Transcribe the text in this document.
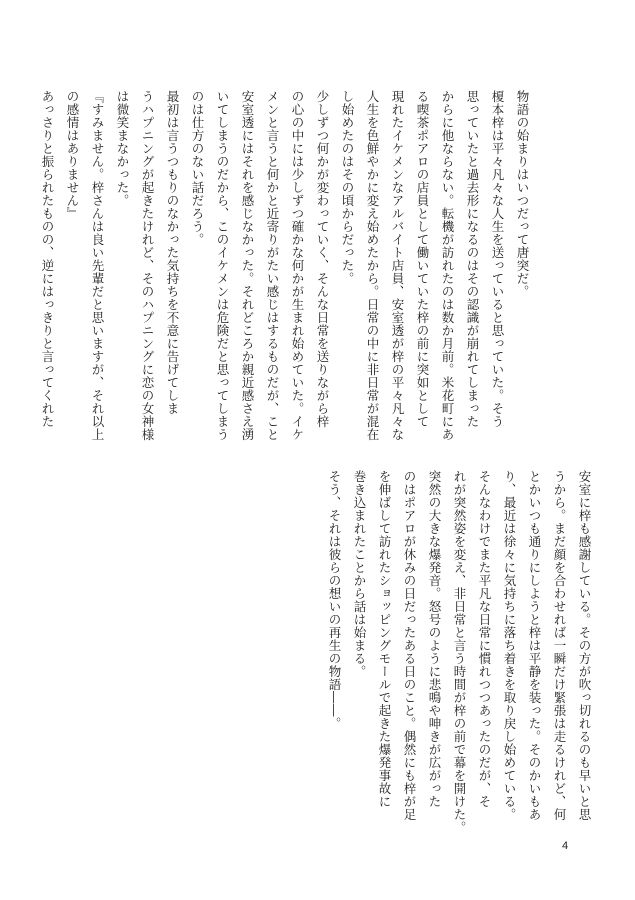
物語の始まりはいつだって唐突だ。

榎本梓は平々凡々な人生を送っていると思っていた。そう

思っていたと過去形になるのはその認識が崩れてしまった

からに他ならない。転機が訪れたのは数か月前。米花町にあ

る喫茶ポアロの店員として働いていた梓の前に突如として

現れたイケメンなアルバイト店員、安室透が梓の平々凡々な

人生を色鮮やかに変え始めたから。日常の中に非日常が混在

し始めたのはその頃からだった。

少しずつ何かが変わっていく、そんな日常を送りながら梓

の心の中には少しずつ確かな何かが生まれ始めていた。イケ

メンと言うと何かと近寄りがたい感じはするものだが、こと

安室透にはそれを感じなかった。それどころか親近感さえ湧

いてしまうのだから、このイケメンは危険だと思ってしまう

のは仕方のない話だろう。

最初は言うつもりのなかった気持ちを不意に告げてしま

うハプニングが起きたけれど、そのハプニングに恋の女神様

は微笑まなかった。

『すみません。梓さんは良い先輩だと思いますが、それ以上

の感情はありません』

あっさりと振られたものの、逆にはっきりと言ってくれた

安室に梓も感謝している。その方が吹っ切れるのも早いと思

うから。まだ顔を合わせれば一瞬だけ緊張は走るけれど、何

とかいつも通りにしようと梓は平静を装った。そのかいもあ

り、最近は徐々に気持ちに落ち着きを取り戻し始めている。

そんなわけでまた平凡な日常に慣れつつあったのだが、そ

れが突然姿を変え、非日常と言う時間が梓の前で幕を開けた。

突然の大きな爆発音。怒号のように悲鳴や呻きが広がった

のはポアロが休みの日だったある日のこと。偶然にも梓が足

を伸ばして訪れたショッピングモールで起きた爆発事故に

巻き込まれたことから話は始まる。

そう、それは彼らの想いの再生の物語――。

4
